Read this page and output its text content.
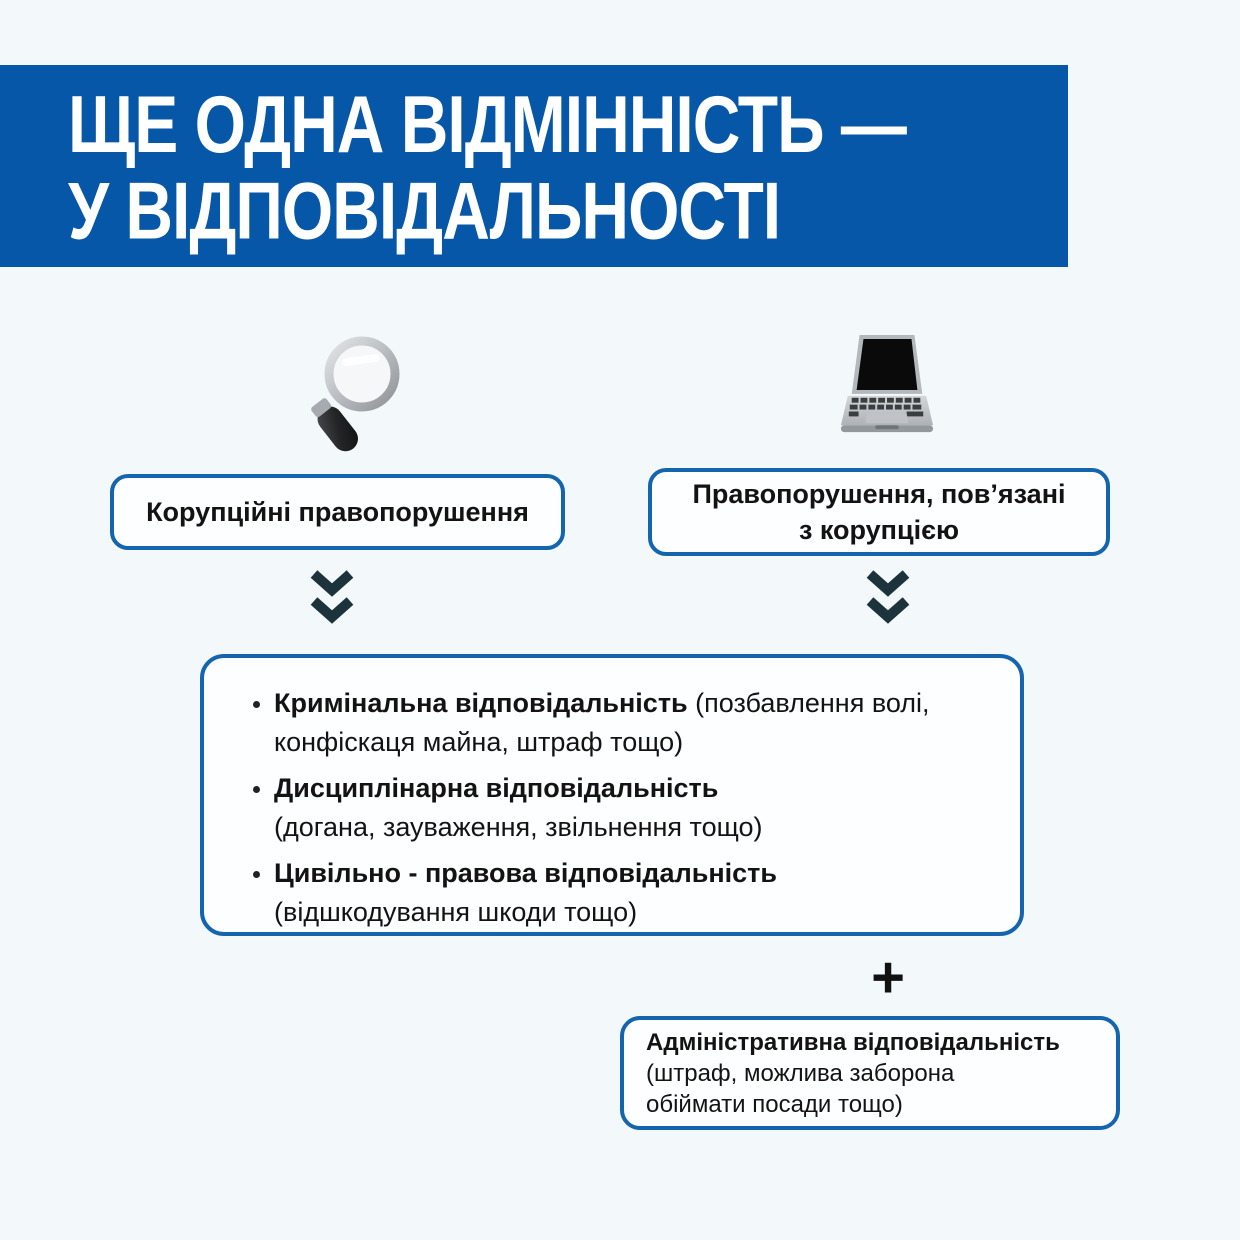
ЩЕ ОДНА ВІДМІННІСТЬ —
У ВІДПОВІДАЛЬНОСТІ
Корупційні правопорушення
Правопорушення, пов’язані
з корупцією
Кримінальна відповідальність (позбавлення волі,
конфіскаця майна, штраф тощо)
Дисциплінарна відповідальність
(догана, зауваження, звільнення тощо)
Цивільно - правова відповідальність
(відшкодування шкоди тощо)
+
Адміністративна відповідальність
(штраф, можлива заборона
обіймати посади тощо)
